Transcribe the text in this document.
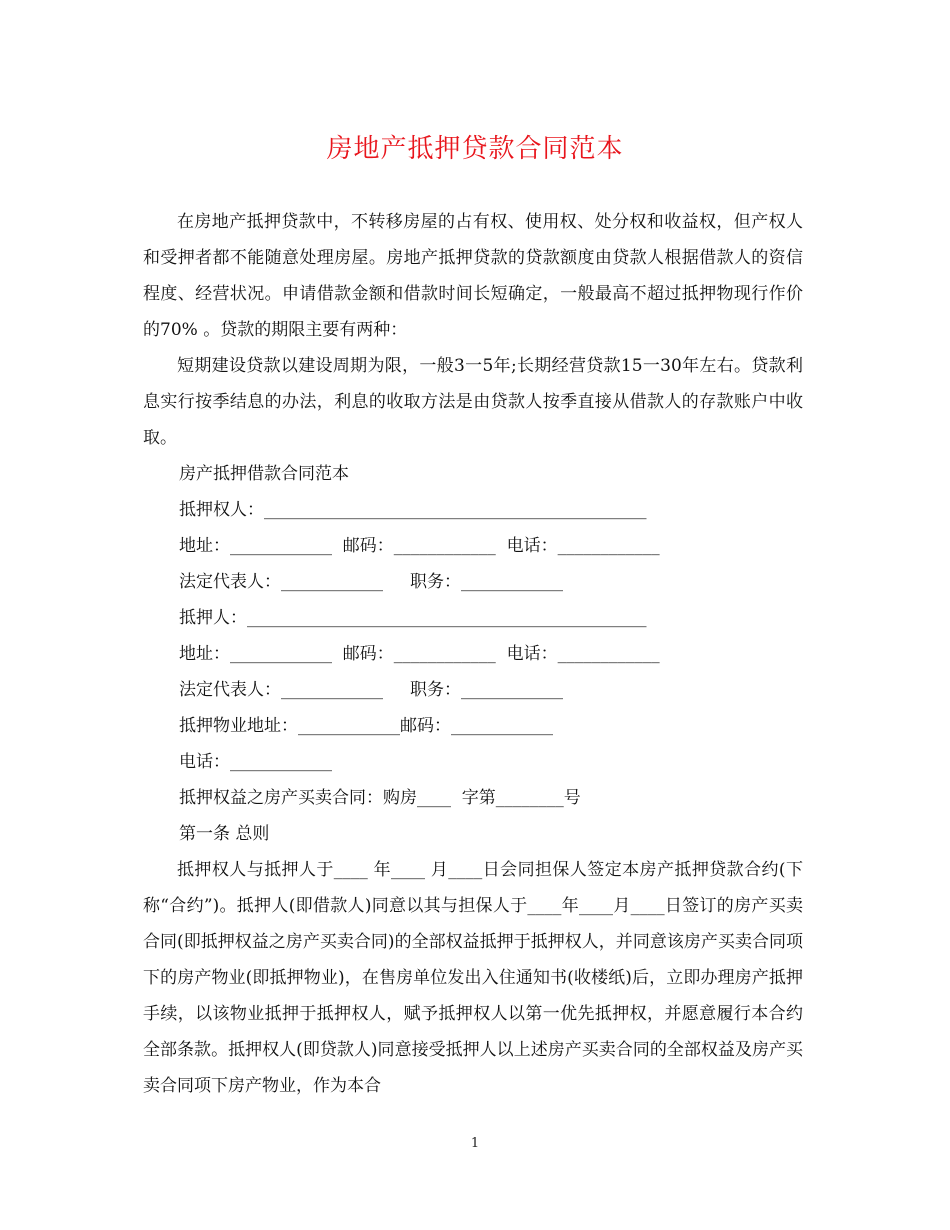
房地产抵押贷款合同范本

在房地产抵押贷款中，不转移房屋的占有权、使用权、处分权和收益权，但产权人和受押者都不能随意处理房屋。房地产抵押贷款的贷款额度由贷款人根据借款人的资信程度、经营状况。申请借款金额和借款时间长短确定，一般最高不超过抵押物现行作价的70% 。贷款的期限主要有两种：

短期建设贷款以建设周期为限，一般3一5年;长期经营贷款15一30年左右。贷款利息实行按季结息的办法，利息的收取方法是由贷款人按季直接从借款人的存款账户中收取。

房产抵押借款合同范本

抵押权人：_____________________________________________

地址：____________  邮码：____________  电话：____________

法定代表人：____________     职务：____________

抵押人：_______________________________________________

地址：____________  邮码：____________  电话：____________

法定代表人：____________     职务：____________

抵押物业地址：____________邮码：____________

电话：____________

抵押权益之房产买卖合同：购房____  字第________号

第一条 总则

抵押权人与抵押人于____ 年____ 月____日会同担保人签定本房产抵押贷款合约(下称“合约”)。抵押人(即借款人)同意以其与担保人于____年____月____日签订的房产买卖合同(即抵押权益之房产买卖合同)的全部权益抵押于抵押权人，并同意该房产买卖合同项下的房产物业(即抵押物业)，在售房单位发出入住通知书(收楼纸)后，立即办理房产抵押手续，以该物业抵押于抵押权人，赋予抵押权人以第一优先抵押权，并愿意履行本合约全部条款。抵押权人(即贷款人)同意接受抵押人以上述房产买卖合同的全部权益及房产买卖合同项下房产物业，作为本合

1
